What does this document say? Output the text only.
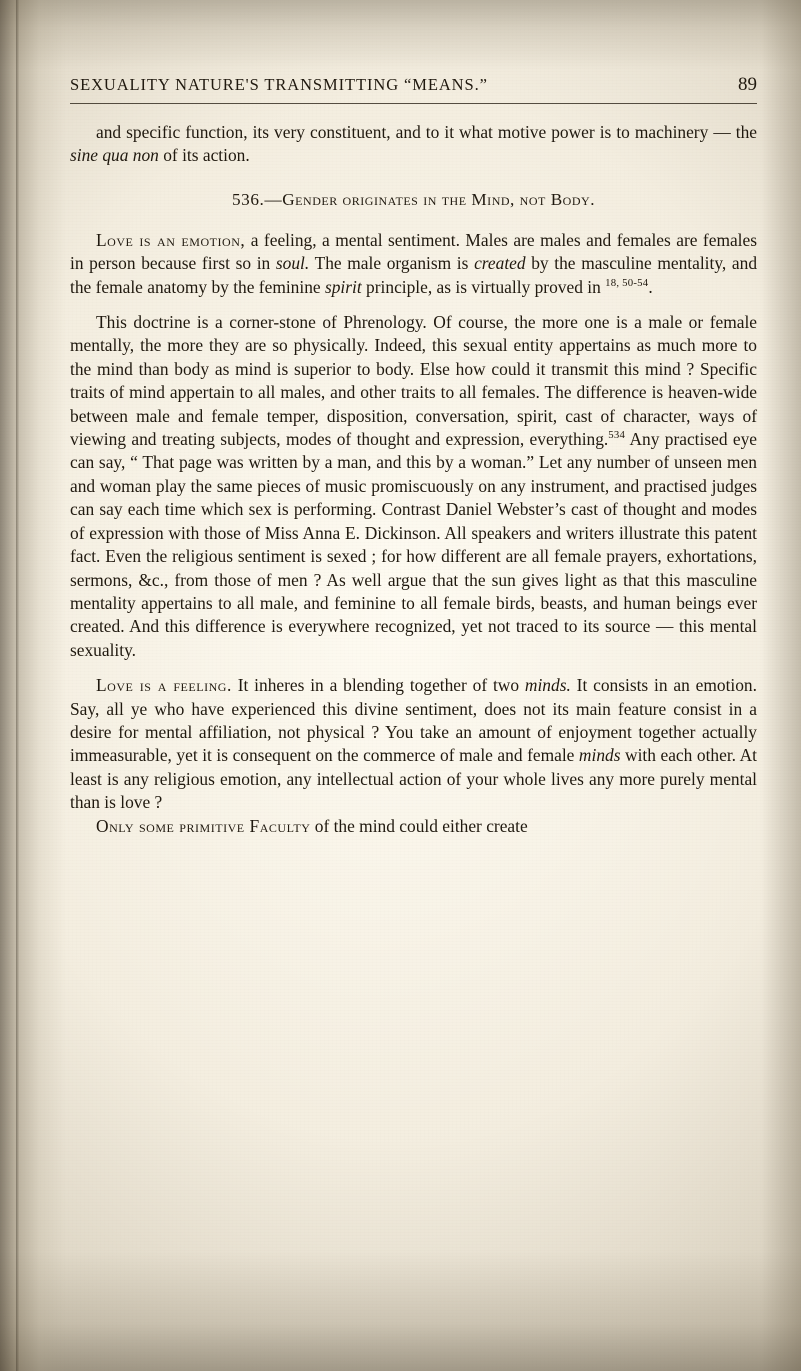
SEXUALITY NATURE'S TRANSMITTING “MEANS.”	89

and specific function, its very constituent, and to it what motive power is to machinery — the sine qua non of its action.

536.—Gender originates in the Mind, not Body.

Love is an emotion, a feeling, a mental sentiment. Males are males and females are females in person because first so in soul. The male organism is created by the masculine mentality, and the female anatomy by the feminine spirit principle, as is virtually proved in $^{18, 50-54}$.

This doctrine is a corner-stone of Phrenology. Of course, the more one is a male or female mentally, the more they are so physically. Indeed, this sexual entity appertains as much more to the mind than body as mind is superior to body. Else how could it transmit this mind ? Specific traits of mind appertain to all males, and other traits to all females. The difference is heaven-wide between male and female temper, disposition, conversation, spirit, cast of character, ways of viewing and treating subjects, modes of thought and expression, everything.$^{534}$ Any practised eye can say, “ That page was written by a man, and this by a woman.” Let any number of unseen men and woman play the same pieces of music promiscuously on any instrument, and practised judges can say each time which sex is performing. Contrast Daniel Webster’s cast of thought and modes of expression with those of Miss Anna E. Dickinson. All speakers and writers illustrate this patent fact. Even the religious sentiment is sexed ; for how different are all female prayers, exhortations, sermons, &c., from those of men ? As well argue that the sun gives light as that this masculine mentality appertains to all male, and feminine to all female birds, beasts, and human beings ever created. And this difference is everywhere recognized, yet not traced to its source — this mental sexuality.

Love is a feeling. It inheres in a blending together of two minds. It consists in an emotion. Say, all ye who have experienced this divine sentiment, does not its main feature consist in a desire for mental affiliation, not physical ? You take an amount of enjoyment together actually immeasurable, yet it is consequent on the commerce of male and female minds with each other. At least is any religious emotion, any intellectual action of your whole lives any more purely mental than is love ?

Only some primitive Faculty of the mind could either create
